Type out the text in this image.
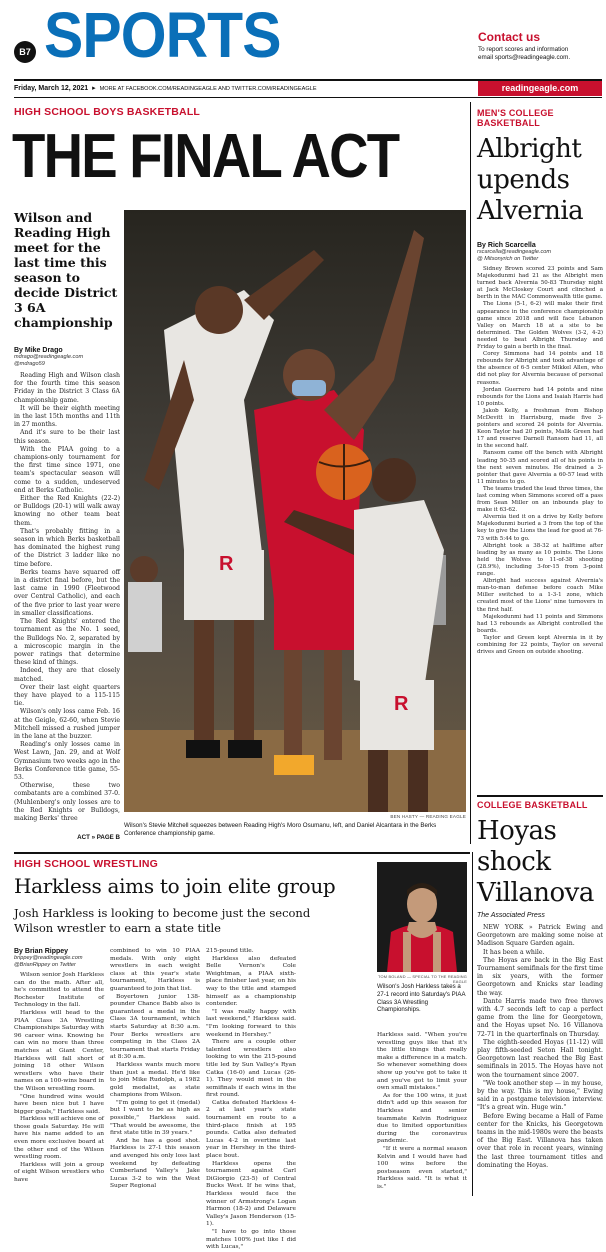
B7 SPORTS	Contact us
To report scores and information
email sports@readingeagle.com.
Friday, March 12, 2021 ▸ MORE AT FACEBOOK.COM/READINGEAGLE AND TWITTER.COM/READINGEAGLE	readingeagle.com
HIGH SCHOOL BOYS BASKETBALL
THE FINAL ACT
Wilson and Reading High meet for the last time this season to decide District 3 6A championship
By Mike Drago
mdrago@readingeagle.com
@mdrago59

Reading High and Wilson clash for the fourth time this season Friday in the District 3 Class 6A championship game.

It will be their eighth meeting in the last 15th months and 11th in 27 months.

And it's sure to be their last this season.

With the PIAA going to a champions-only tournament for the first time since 1971, one team's spectacular season will come to a sudden, undeserved end at Berks Catholic.

Either the Red Knights (22-2) or Bulldogs (20-1) will walk away knowing no other team beat them.

That's probably fitting in a season in which Berks basketball has dominated the highest rung of the District 3 ladder like no time before.

Berks teams have squared off in a district final before, but the last came in 1990 (Fleetwood over Central Catholic), and each of the five prior to last year were in smaller classifications.

The Red Knights' entered the tournament as the No. 1 seed, the Bulldogs No. 2, separated by a microscopic margin in the power ratings that determine these kind of things.

Indeed, they are that closely matched.

Over their last eight quarters they have played to a 115-115 tie.

Wilson's only loss came Feb. 16 at the Geigle, 62-60, when Stevie Mitchell missed a rushed jumper in the lane at the buzzer.

Reading's only losses came in West Lawn, Jan. 29, and at Wolf Gymnasium two weeks ago in the Berks Conference title game, 55-53.

Otherwise, these two combatants are a combined 37-0. (Muhlenberg's only losses are to the Red Knights or Bulldogs, making Berks' three

ACT » PAGE B
R
R
BEN HASTY — READING EAGLE
Wilson's Stevie Mitchell squeezes between Reading High's Moro Osumanu, left, and Daniel Alcantara in the Berks Conference championship game.
MEN'S COLLEGE BASKETBALL
Albright upends Alvernia
By Rich Scarcella
rscarcella@readingeagle.com
@ Mitsonyrich on Twitter

Sidney Brown scored 23 points and Sam Majekodunmi had 21 as the Albright men turned back Alvernia 50-83 Thursday night at Jack McCloskey Court and clinched a berth in the MAC Commonwealth title game.

The Lions (5-1, 6-2) will make their first appearance in the conference championship game since 2018 and will face Lebanon Valley on March 18 at a site to be determined. The Golden Wolves (3-2, 4-2) needed to beat Albright Thursday and Friday to gain a berth in the final.

Corey Simmons had 14 points and 18 rebounds for Albright and took advantage of the absence of 6-5 center Mikkel Allen, who did not play for Alvernia because of personal reasons.

Jordan Guerrero had 14 points and nine rebounds for the Lions and Isaiah Harris had 10 points.

Jakob Kelly, a freshman from Bishop McDevitt in Harrisburg, made five 3-pointers and scored 24 points for Alvernia. Keon Taylor had 20 points, Malik Green had 17 and reserve Darnell Ransom had 11, all in the second half.

Ransom came off the bench with Albright leading 50-35 and scored all of his points in the next seven minutes. He drained a 3-pointer that gave Alvernia a 60-57 lead with 11 minutes to go.

The teams traded the lead three times, the last coming when Simmons scored off a pass from Sean Miller on an inbounds play to make it 63-62.

Alvernia tied it on a drive by Kelly before Majekodunmi buried a 3 from the top of the key to give the Lions the lead for good at 76-73 with 5:44 to go.

Albright took a 38-32 at halftime after leading by as many as 10 points. The Lions held the Wolves to 11-of-38 shooting (28.9%), including 3-for-15 from 3-point range.

Albright had success against Alvernia's man-to-man defense before coach Mike Miller switched to a 1-3-1 zone, which created most of the Lions' nine turnovers in the first half.

Majekodunmi had 11 points and Simmons had 13 rebounds as Albright controlled the boards.

Taylor and Green kept Alvernia in it by combining for 22 points, Taylor on several drives and Green on outside shooting.

COLLEGE BASKETBALL
Hoyas shock Villanova
The Associated Press

NEW YORK » Patrick Ewing and Georgetown are making some noise at Madison Square Garden again.

It has been a while.

The Hoyas are back in the Big East Tournament semifinals for the first time in six years, with the former Georgetown and Knicks star leading the way.

Dante Harris made two free throws with 4.7 seconds left to cap a perfect game from the line for Georgetown, and the Hoyas upset No. 16 Villanova 72-71 in the quarterfinals on Thursday.

The eighth-seeded Hoyas (11-12) will play fifth-seeded Seton Hall tonight. Georgetown last reached the Big East semifinals in 2015. The Hoyas have not won the tournament since 2007.

"We took another step — in my house, by the way. This is my house," Ewing said in a postgame television interview. "It's a great win. Huge win."

Before Ewing became a Hall of Fame center for the Knicks, his Georgetown teams in the mid-1980s were the beasts of the Big East. Villanova has taken over that role in recent years, winning the last three tournament titles and dominating the Hoyas.

HIGH SCHOOL WRESTLING
Harkless aims to join elite group
Josh Harkless is looking to become just the second Wilson wrestler to earn a state title
By Brian Rippey
brippey@readingeagle.com
@BrianRippey on Twitter

Wilson senior Josh Harkless can do the math. After all, he's committed to attend the Rochester Institute of Technology in the fall.

Harkless will head to the PIAA Class 3A Wrestling Championships Saturday with 96 career wins. Knowing he can win no more than three matches at Giant Center, Harkless will fall short of joining 18 other Wilson wrestlers who have their names on a 100-wins board in the Wilson wrestling room.

"One hundred wins would have been nice but I have bigger goals," Harkless said.

Harkless will achieve one of those goals Saturday. He will have his name added to an even more exclusive board at the other end of the Wilson wrestling room.

Harkless will join a group of eight Wilson wrestlers who have

combined to win 10 PIAA medals. With only eight wrestlers in each weight class at this year's state tournament, Harkless is guaranteed to join that list.

Boyertown junior 138-pounder Chance Babb also is guaranteed a medal in the Class 3A tournament, which starts Saturday at 8:30 a.m. Four Berks wrestlers are competing in the Class 2A tournament that starts Friday at 8:30 a.m.

Harkless wants much more than just a medal. He'd like to join Mike Rudolph, a 1982 gold medalist, as state champions from Wilson.

"I'm going to get it (medal) but I want to be as high as possible," Harkless said. "That would be awesome, the first state title in 39 years."

And he has a good shot. Harkless is 27-1 this season and avenged his only loss last weekend by defeating Cumberland Valley's Jake Lucas 3-2 to win the West Super Regional

215-pound title.

Harkless also defeated Belle Vernon's Cole Weightman, a PIAA sixth-place finisher last year, on his way to the title and stamped himself as a championship contender.

"I was really happy with last weekend," Harkless said. "I'm looking forward to this weekend in Hershey."

There are a couple other talented wrestlers also looking to win the 215-pound title led by Sun Valley's Ryan Catka (16-0) and Lucas (26-1). They would meet in the semifinals if each wins in the first round.

Catka defeated Harkless 4-2 at last year's state tournament en route to a third-place finish at 195 pounds. Catka also defeated Lucas 4-2 in overtime last year in Hershey in the third-place bout.

Harkless opens the tournament against Carl DiGiorgio (23-5) of Central Bucks West. If he wins that, Harkless would face the winner of Armstrong's Logan Harmon (18-2) and Delaware Valley's Jason Henderson (15-1).

"I have to go into those matches 100% just like I did with Lucas,"

TOM BOLAND — SPECIAL TO THE READING EAGLE
Wilson's Josh Harkless takes a 27-1 record into Saturday's PIAA Class 3A Wrestling Championships.

Harkless said. "When you're wrestling guys like that it's the little things that really make a difference in a match. So whenever something does show up you've got to take it and you've got to limit your own small mistakes."

As for the 100 wins, it just didn't add up this season for Harkless and senior teammate Kelvin Rodriguez due to limited opportunities during the coronavirus pandemic.

"If it were a normal season Kelvin and I would have had 100 wins before the postseason even started," Harkless said. "It is what it is."
